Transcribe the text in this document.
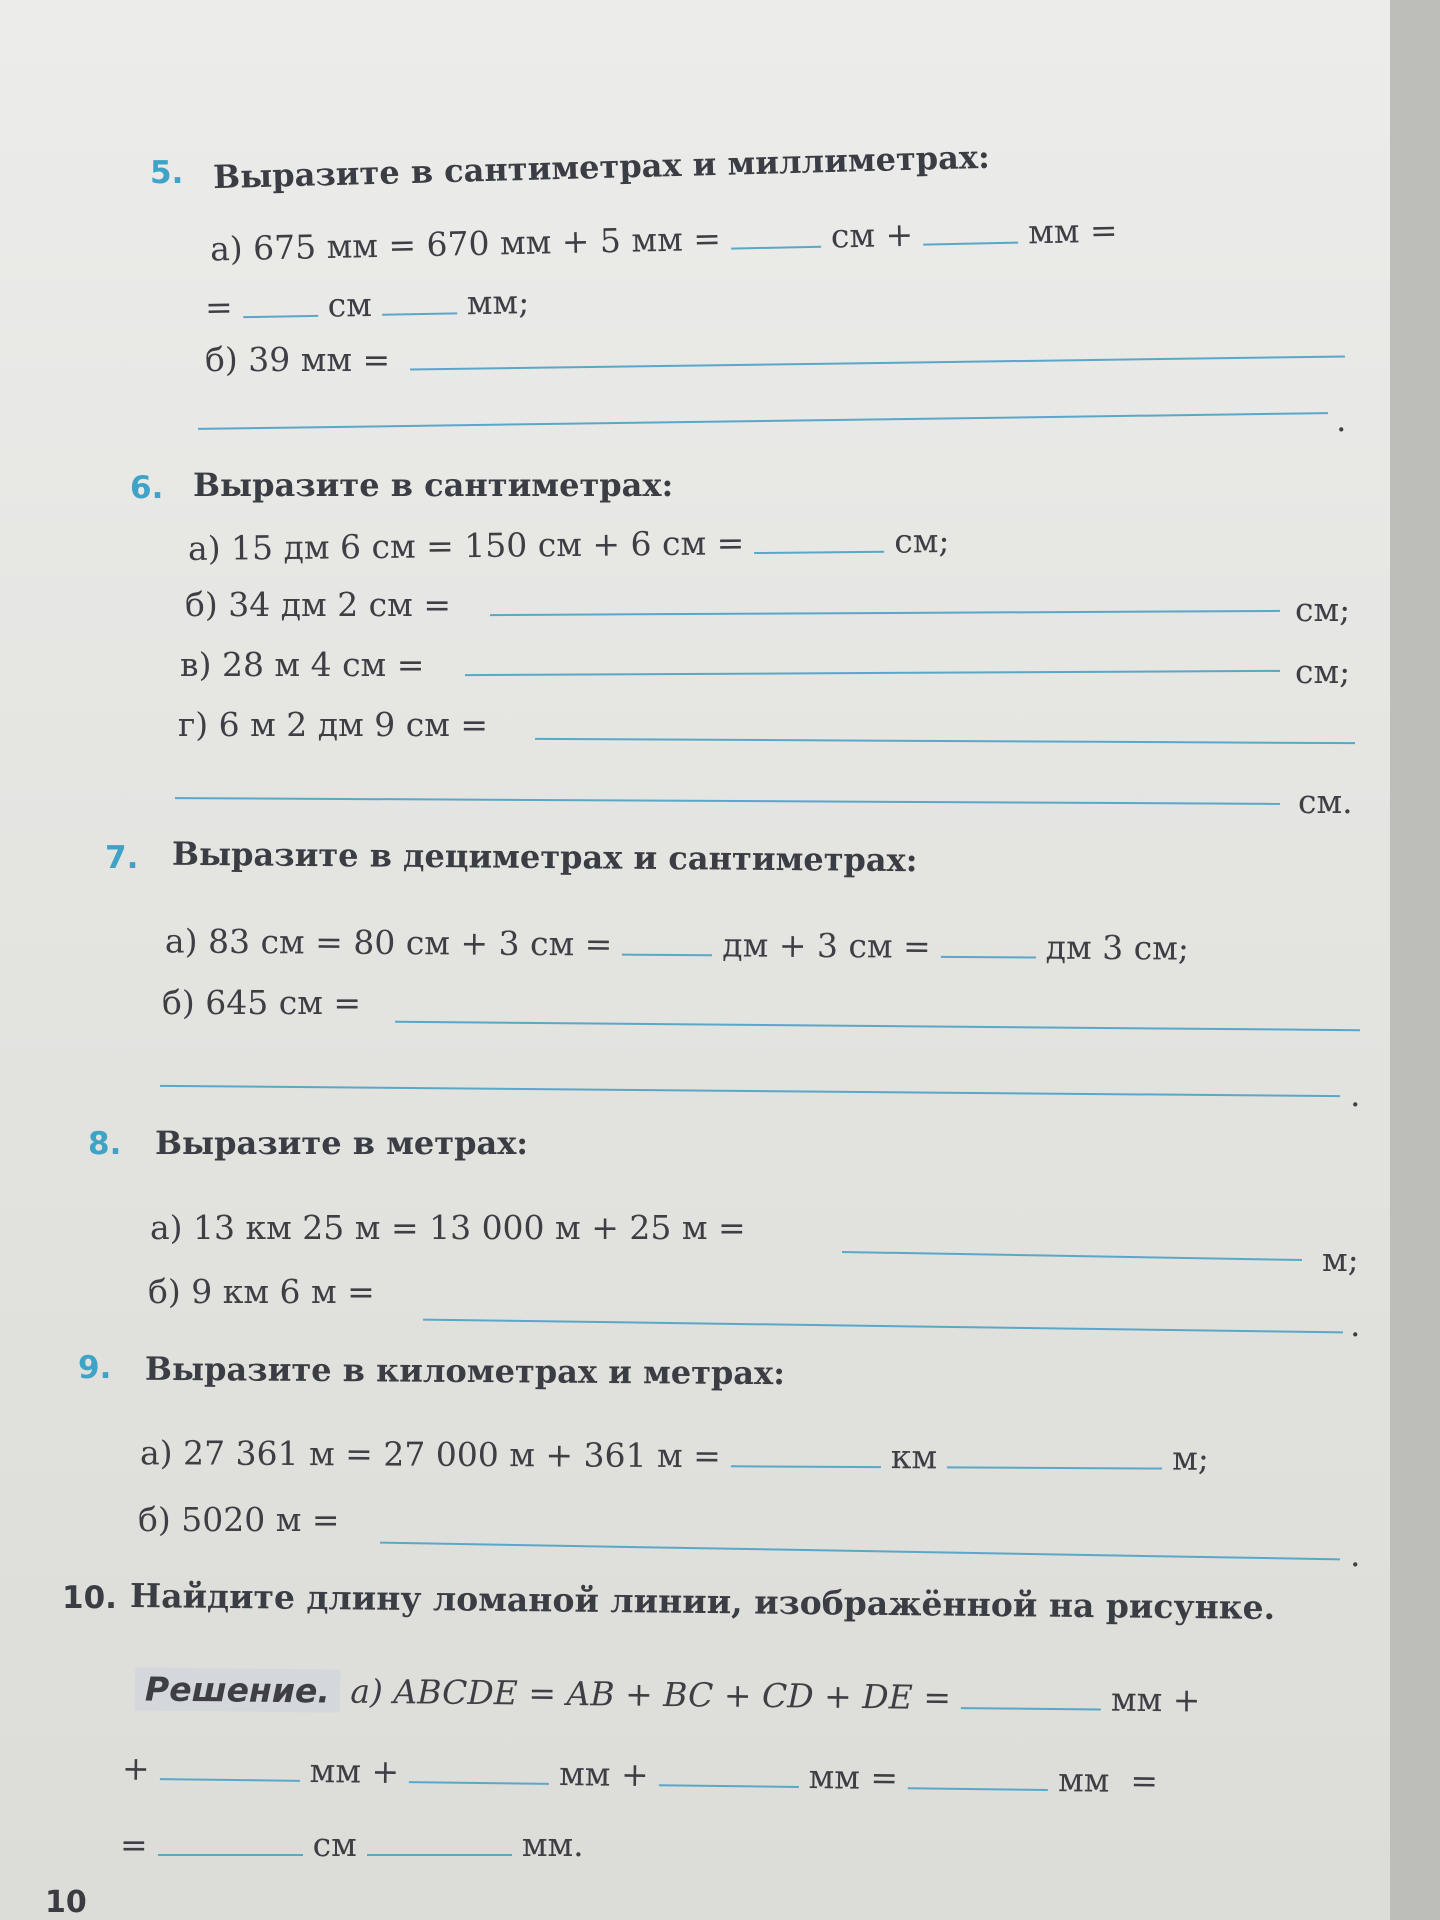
5. Выразите в сантиметрах и миллиметрах:
а) 675 мм = 670 мм + 5 мм =	см +	мм =
=	см	мм;
б) 39 мм =
.
6. Выразите в сантиметрах:
а) 15 дм 6 см = 150 см + 6 см =	см;
б) 34 дм 2 см =	см;
в) 28 м 4 см =	см;
г) 6 м 2 дм 9 см =
см.
7. Выразите в дециметрах и сантиметрах:
а) 83 см = 80 см + 3 см =	дм + 3 см =	дм 3 см;
б) 645 см =
.
8. Выразите в метрах:
а) 13 км 25 м = 13 000 м + 25 м =
м;
б) 9 км 6 м =
.
9. Выразите в километрах и метрах:
а) 27 361 м = 27 000 м + 361 м =	км	м;
б) 5020 м =
.
10. Найдите длину ломаной линии, изображённой на рисунке.
Решение. а) ABCDE = AB + BC + CD + DE =	мм +
+	мм +	мм +	мм =	мм =
=	см	мм.
10
